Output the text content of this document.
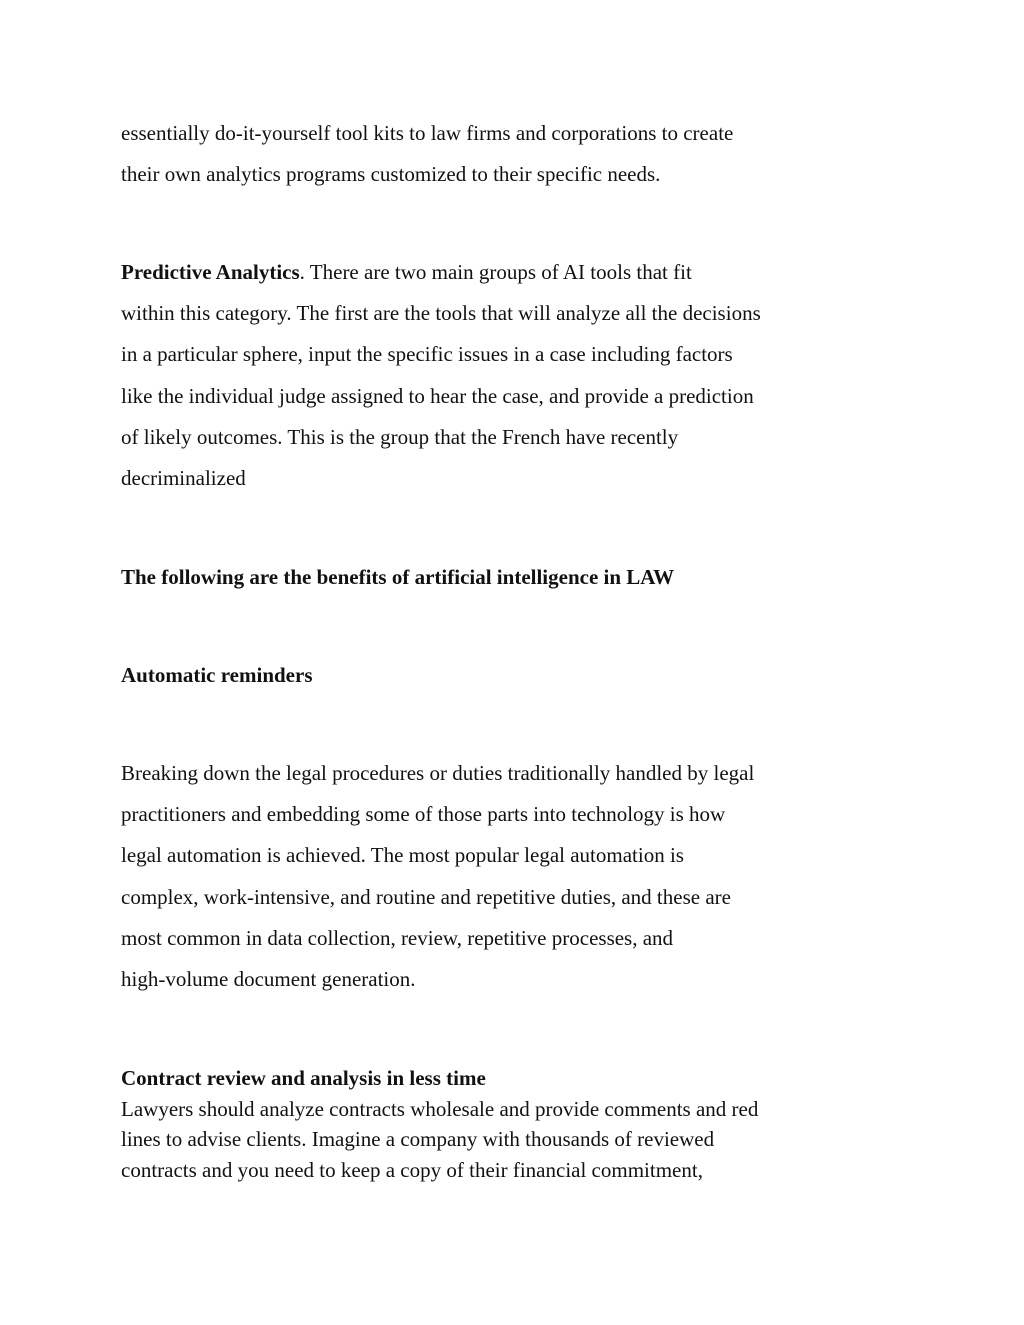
essentially do-it-yourself tool kits to law firms and corporations to create
their own analytics programs customized to their specific needs.
Predictive Analytics. There are two main groups of AI tools that fit
within this category. The first are the tools that will analyze all the decisions
in a particular sphere, input the specific issues in a case including factors
like the individual judge assigned to hear the case, and provide a prediction
of likely outcomes. This is the group that the French have recently
decriminalized
The following are the benefits of artificial intelligence in LAW
Automatic reminders
Breaking down the legal procedures or duties traditionally handled by legal
practitioners and embedding some of those parts into technology is how
legal automation is achieved. The most popular legal automation is
complex, work-intensive, and routine and repetitive duties, and these are
most common in data collection, review, repetitive processes, and
high-volume document generation.
Contract review and analysis in less time
Lawyers should analyze contracts wholesale and provide comments and red
lines to advise clients. Imagine a company with thousands of reviewed
contracts and you need to keep a copy of their financial commitment,
